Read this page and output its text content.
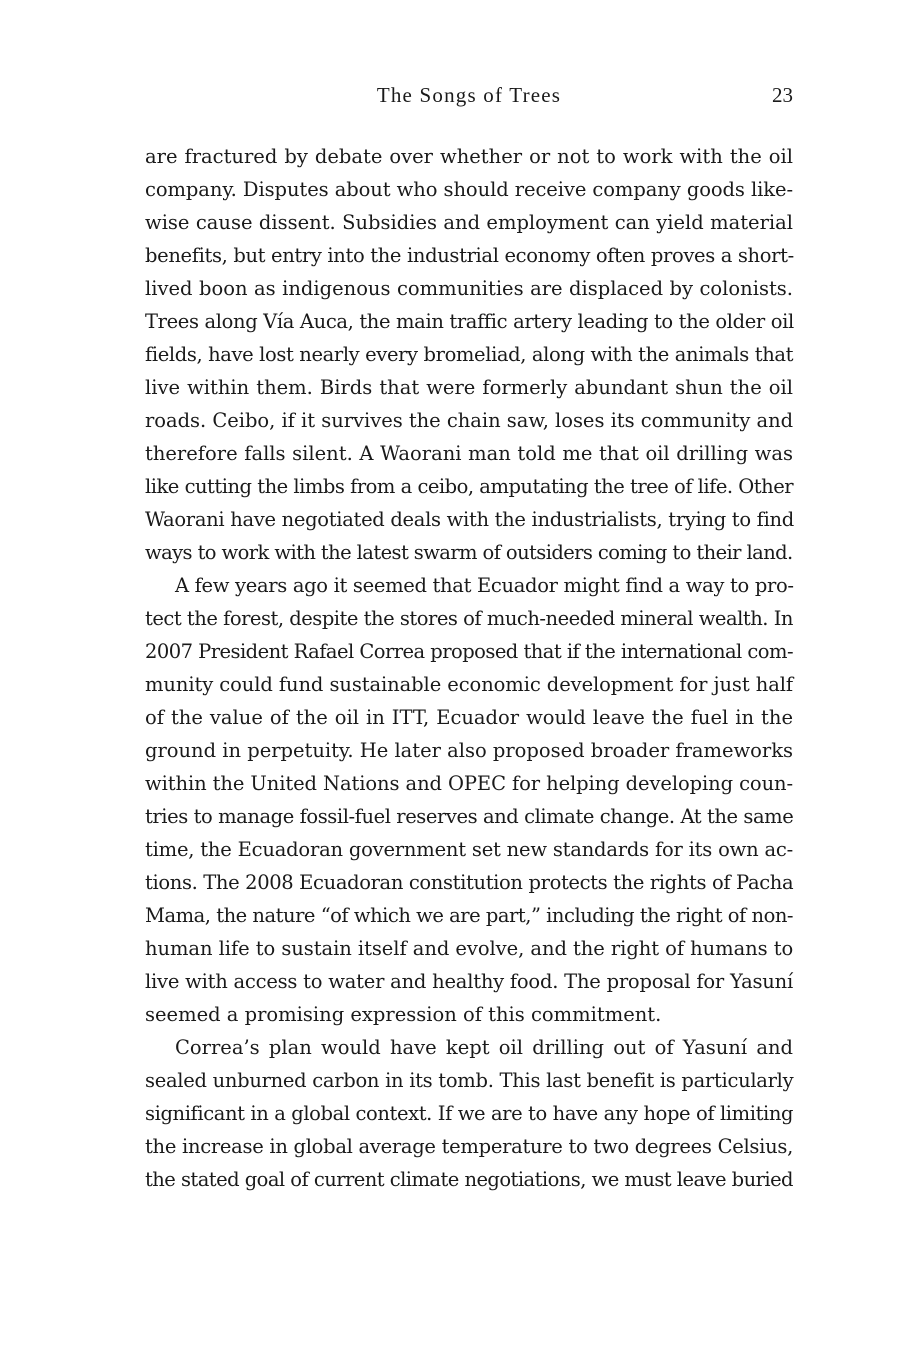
The Songs of Trees	23
are fractured by debate over whether or not to work with the oil
company. Disputes about who should receive company goods like-
wise cause dissent. Subsidies and employment can yield material
benefits, but entry into the industrial economy often proves a short-
lived boon as indigenous communities are displaced by colonists.
Trees along Vía Auca, the main traffic artery leading to the older oil
fields, have lost nearly every bromeliad, along with the animals that
live within them. Birds that were formerly abundant shun the oil
roads. Ceibo, if it survives the chain saw, loses its community and
therefore falls silent. A Waorani man told me that oil drilling was
like cutting the limbs from a ceibo, amputating the tree of life. Other
Waorani have negotiated deals with the industrialists, trying to find
ways to work with the latest swarm of outsiders coming to their land.
A few years ago it seemed that Ecuador might find a way to pro-
tect the forest, despite the stores of much-needed mineral wealth. In
2007 President Rafael Correa proposed that if the international com-
munity could fund sustainable economic development for just half
of the value of the oil in ITT, Ecuador would leave the fuel in the
ground in perpetuity. He later also proposed broader frameworks
within the United Nations and OPEC for helping developing coun-
tries to manage fossil-fuel reserves and climate change. At the same
time, the Ecuadoran government set new standards for its own ac-
tions. The 2008 Ecuadoran constitution protects the rights of Pacha
Mama, the nature “of which we are part,” including the right of non-
human life to sustain itself and evolve, and the right of humans to
live with access to water and healthy food. The proposal for Yasuní
seemed a promising expression of this commitment.
Correa’s plan would have kept oil drilling out of Yasuní and
sealed unburned carbon in its tomb. This last benefit is particularly
significant in a global context. If we are to have any hope of limiting
the increase in global average temperature to two degrees Celsius,
the stated goal of current climate negotiations, we must leave buried
